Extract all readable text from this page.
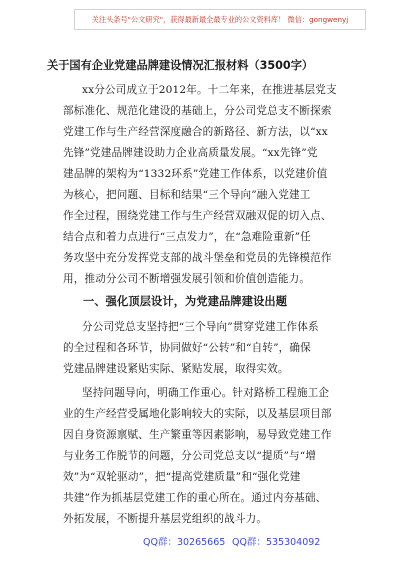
关注头条号"公文研究"，获得最新最全最专业的公文资料库！ 微信：gongwenyj
关于国有企业党建品牌建设情况汇报材料（3500字）
xx分公司成立于2012年。十二年来，在推进基层党支
部标准化、规范化建设的基础上，分公司党总支不断探索
党建工作与生产经营深度融合的新路径、新方法，以“xx
先锋”党建品牌建设助力企业高质量发展。“xx先锋”党
建品牌的架构为“1332环系”党建工作体系，以党建价值
为核心，把问题、目标和结果“三个导向”融入党建工
作全过程，围绕党建工作与生产经营双融双促的切入点、
结合点和着力点进行“三点发力”，在“急难险重新”任
务攻坚中充分发挥党支部的战斗堡垒和党员的先锋模范作
用，推动分公司不断增强发展引领和价值创造能力。
一、强化顶层设计，为党建品牌建设出题
分公司党总支坚持把“三个导向”贯穿党建工作体系
的全过程和各环节，协同做好“公转”和“自转”，确保
党建品牌建设紧贴实际、紧贴发展，取得实效。
坚持问题导向，明确工作重心。针对路桥工程施工企
业的生产经营受属地化影响较大的实际，以及基层项目部
因自身资源禀赋、生产繁重等因素影响，易导致党建工作
与业务工作脱节的问题，分公司党总支以“提质”与“增
效”为“双轮驱动”，把“提高党建质量”和“强化党建
共建”作为抓基层党建工作的重心所在。通过内夯基础、
外拓发展，不断提升基层党组织的战斗力。
QQ群：30265665 QQ群：535304092
